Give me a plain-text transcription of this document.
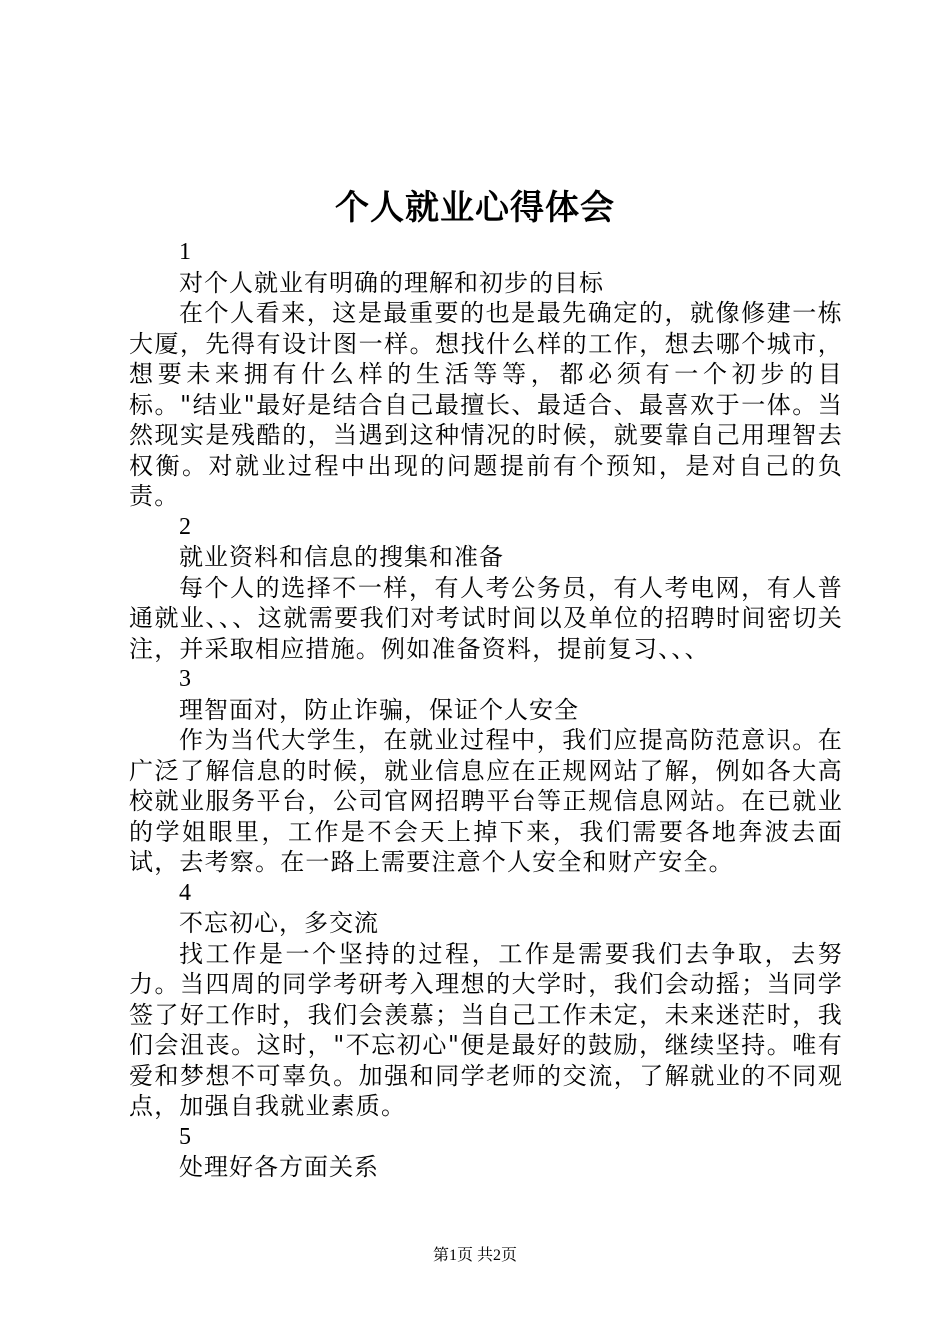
个人就业心得体会
1
对个人就业有明确的理解和初步的目标

在个人看来，这是最重要的也是最先确定的，就像修建一栋大厦，先得有设计图一样。想找什么样的工作，想去哪个城市，想要未来拥有什么样的生活等等，都必须有一个初步的目标。"结业"最好是结合自己最擅长、最适合、最喜欢于一体。当然现实是残酷的，当遇到这种情况的时候，就要靠自己用理智去权衡。对就业过程中出现的问题提前有个预知，是对自己的负责。

2
就业资料和信息的搜集和准备

每个人的选择不一样，有人考公务员，有人考电网，有人普通就业、、、这就需要我们对考试时间以及单位的招聘时间密切关注，并采取相应措施。例如准备资料，提前复习、、、

3
理智面对，防止诈骗，保证个人安全

作为当代大学生，在就业过程中，我们应提高防范意识。在广泛了解信息的时候，就业信息应在正规网站了解，例如各大高校就业服务平台，公司官网招聘平台等正规信息网站。在已就业的学姐眼里，工作是不会天上掉下来，我们需要各地奔波去面试，去考察。在一路上需要注意个人安全和财产安全。

4
不忘初心，多交流

找工作是一个坚持的过程，工作是需要我们去争取，去努力。当四周的同学考研考入理想的大学时，我们会动摇；当同学签了好工作时，我们会羡慕；当自己工作未定，未来迷茫时，我们会沮丧。这时，"不忘初心"便是最好的鼓励，继续坚持。唯有爱和梦想不可辜负。加强和同学老师的交流，了解就业的不同观点，加强自我就业素质。

5
处理好各方面关系
第1页 共2页
